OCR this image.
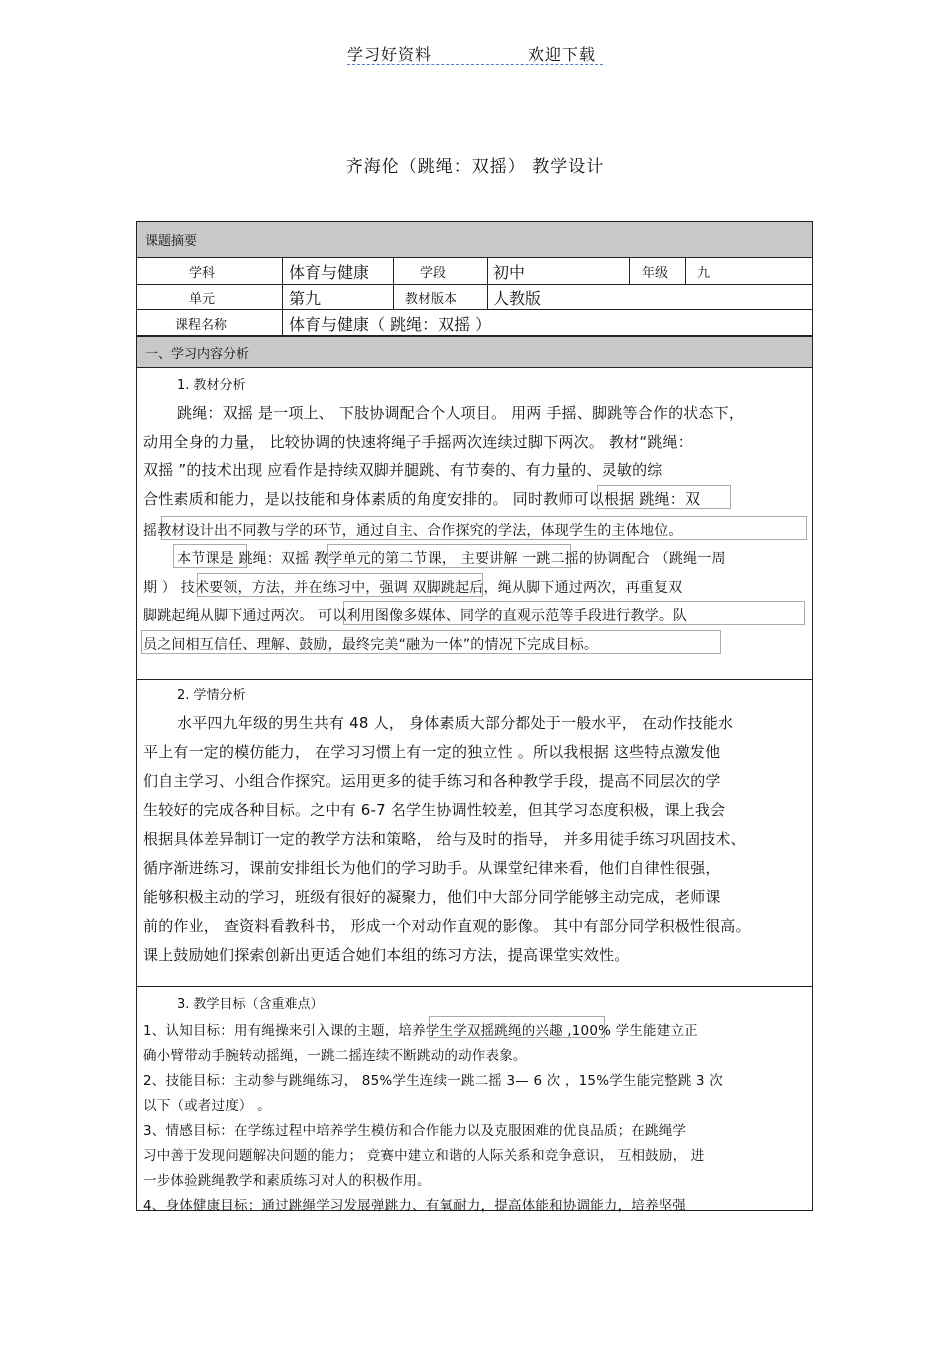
学习好资料	欢迎下载
齐海伦（跳绳：双摇） 教学设计
课题摘要
学科	体育与健康	学段	初中	年级 九
单元	第九	教材版本 人教版
课程名称	体育与健康（ 跳绳：双摇 ）
一、学习内容分析
1. 教材分析
跳绳：双摇 是一项上、 下肢协调配合个人项目。 用两 手摇、脚跳等合作的状态下，
动用全身的力量， 比较协调的快速将绳子手摇两次连续过脚下两次。 教材“跳绳：
双摇 ”的技术出现 应看作是持续双脚并腿跳、有节奏的、有力量的、灵敏的综
合性素质和能力，是以技能和身体素质的角度安排的。 同时教师可以根据 跳绳：双
摇教材设计出不同教与学的环节，通过自主、合作探究的学法，体现学生的主体地位。
本节课是 跳绳：双摇 教学单元的第二节课， 主要讲解 一跳二摇的协调配合 （跳绳一周
期 ） 技术要领，方法，并在练习中，强调 双脚跳起后，绳从脚下通过两次，再重复双
脚跳起绳从脚下通过两次。 可以利用图像多媒体、同学的直观示范等手段进行教学。队
员之间相互信任、理解、鼓励，最终完美“融为一体”的情况下完成目标。
2. 学情分析
水平四九年级的男生共有 48 人， 身体素质大部分都处于一般水平， 在动作技能水
平上有一定的模仿能力， 在学习习惯上有一定的独立性 。所以我根据 这些特点激发他
们自主学习、小组合作探究。运用更多的徒手练习和各种教学手段，提高不同层次的学
生较好的完成各种目标。之中有 6-7 名学生协调性较差，但其学习态度积极，课上我会
根据具体差异制订一定的教学方法和策略， 给与及时的指导， 并多用徒手练习巩固技术、
循序渐进练习，课前安排组长为他们的学习助手。从课堂纪律来看，他们自律性很强，
能够积极主动的学习，班级有很好的凝聚力，他们中大部分同学能够主动完成，老师课
前的作业， 查资料看教科书， 形成一个对动作直观的影像。 其中有部分同学积极性很高。
课上鼓励她们探索创新出更适合她们本组的练习方法，提高课堂实效性。
3. 教学目标（含重难点）
1、认知目标：用有绳操来引入课的主题，培养学生学双摇跳绳的兴趣 ,100% 学生能建立正
确小臂带动手腕转动摇绳，一跳二摇连续不断跳动的动作表象。
2、技能目标：主动参与跳绳练习， 85%学生连续一跳二摇 3— 6 次 ，15%学生能完整跳 3 次
以下（或者过度） 。
3、情感目标：在学练过程中培养学生模仿和合作能力以及克服困难的优良品质；在跳绳学
习中善于发现问题解决问题的能力； 竞赛中建立和谐的人际关系和竞争意识， 互相鼓励， 进
一步体验跳绳教学和素质练习对人的积极作用。
4、身体健康目标：通过跳绳学习发展弹跳力、有氧耐力，提高体能和协调能力，培养坚强
